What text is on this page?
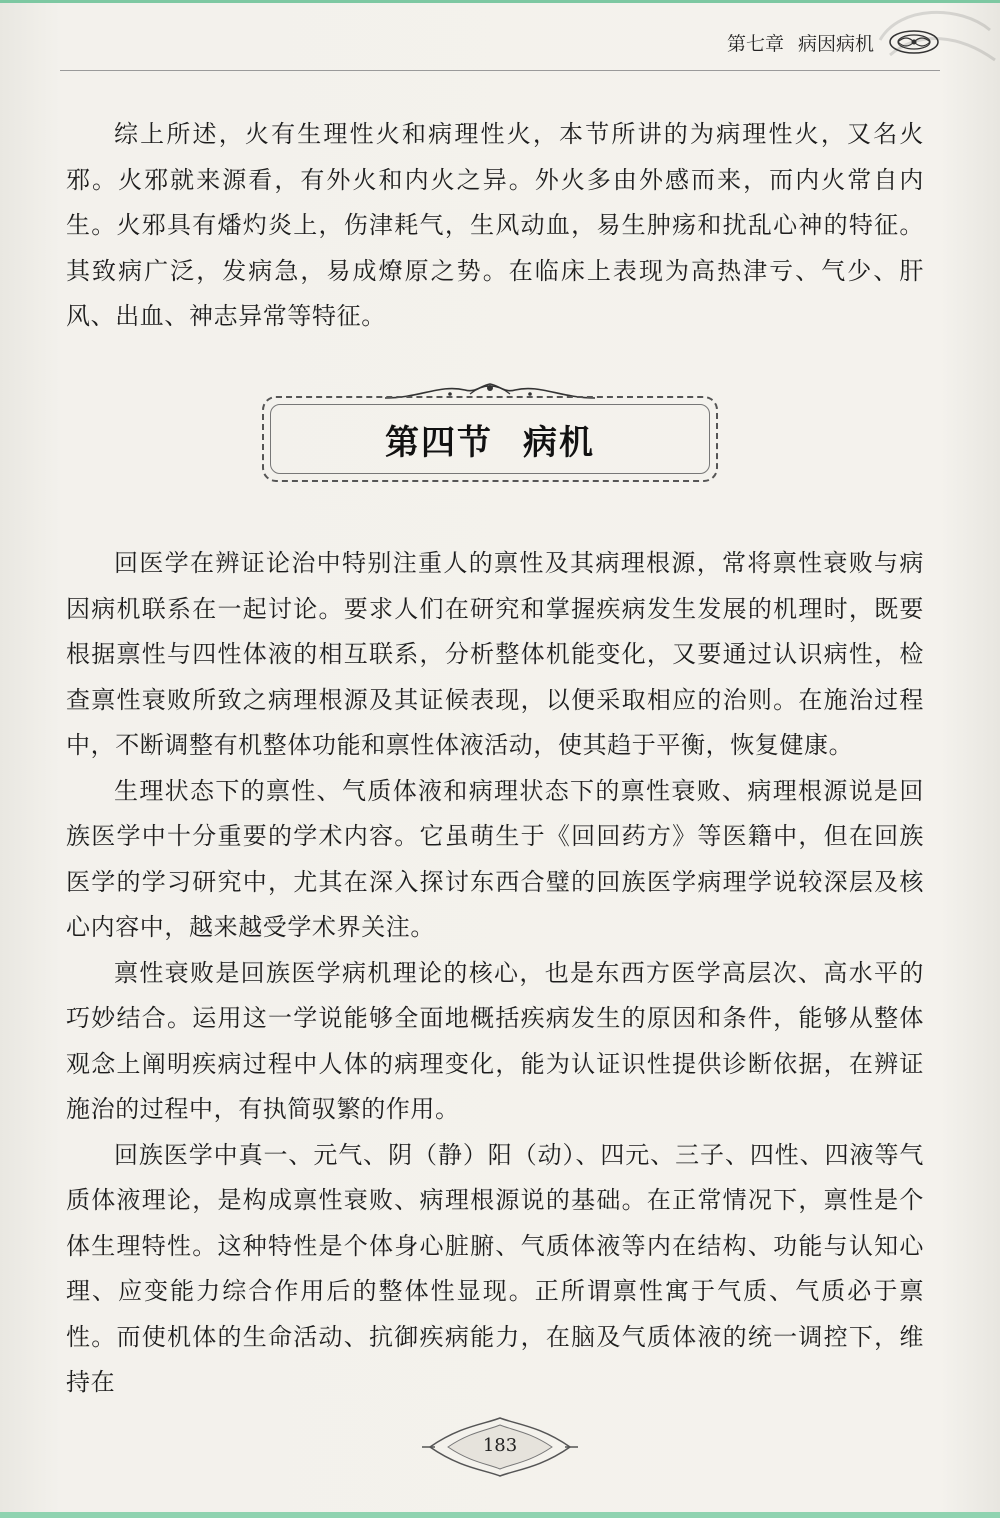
第七章 病因病机

综上所述，火有生理性火和病理性火，本节所讲的为病理性火，又名火邪。火邪就来源看，有外火和内火之异。外火多由外感而来，而内火常自内生。火邪具有燔灼炎上，伤津耗气，生风动血，易生肿疡和扰乱心神的特征。其致病广泛，发病急，易成燎原之势。在临床上表现为高热津亏、气少、肝风、出血、神志异常等特征。

第四节 病机

回医学在辨证论治中特别注重人的禀性及其病理根源，常将禀性衰败与病因病机联系在一起讨论。要求人们在研究和掌握疾病发生发展的机理时，既要根据禀性与四性体液的相互联系，分析整体机能变化，又要通过认识病性，检查禀性衰败所致之病理根源及其证候表现，以便采取相应的治则。在施治过程中，不断调整有机整体功能和禀性体液活动，使其趋于平衡，恢复健康。

生理状态下的禀性、气质体液和病理状态下的禀性衰败、病理根源说是回族医学中十分重要的学术内容。它虽萌生于《回回药方》等医籍中，但在回族医学的学习研究中，尤其在深入探讨东西合璧的回族医学病理学说较深层及核心内容中，越来越受学术界关注。

禀性衰败是回族医学病机理论的核心，也是东西方医学高层次、高水平的巧妙结合。运用这一学说能够全面地概括疾病发生的原因和条件，能够从整体观念上阐明疾病过程中人体的病理变化，能为认证识性提供诊断依据，在辨证施治的过程中，有执简驭繁的作用。

回族医学中真一、元气、阴（静）阳（动）、四元、三子、四性、四液等气质体液理论，是构成禀性衰败、病理根源说的基础。在正常情况下，禀性是个体生理特性。这种特性是个体身心脏腑、气质体液等内在结构、功能与认知心理、应变能力综合作用后的整体性显现。正所谓禀性寓于气质、气质必于禀性。而使机体的生命活动、抗御疾病能力，在脑及气质体液的统一调控下，维持在

183
